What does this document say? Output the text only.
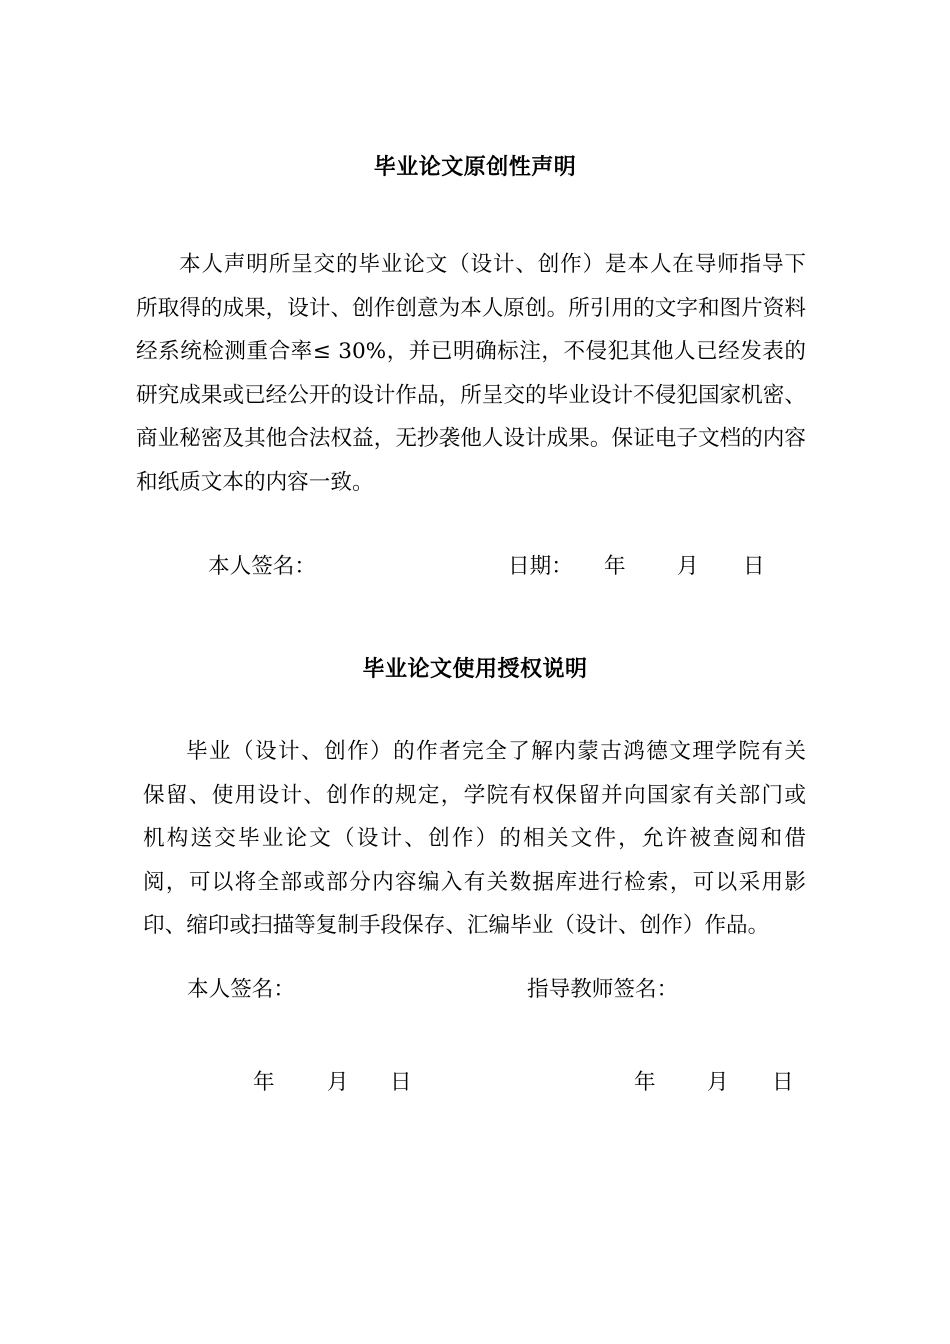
毕业论文原创性声明
本人声明所呈交的毕业论文（设计、创作）是本人在导师指导下
所取得的成果，设计、创作创意为本人原创。所引用的文字和图片资料
经系统检测重合率≤ 30%，并已明确标注，不侵犯其他人已经发表的
研究成果或已经公开的设计作品，所呈交的毕业设计不侵犯国家机密、
商业秘密及其他合法权益，无抄袭他人设计成果。保证电子文档的内容
和纸质文本的内容一致。
本人签名：	日期： 年 月 日
毕业论文使用授权说明
毕业（设计、创作）的作者完全了解内蒙古鸿德文理学院有关
保留、使用设计、创作的规定，学院有权保留并向国家有关部门或
机构送交毕业论文（设计、创作）的相关文件，允许被查阅和借
阅，可以将全部或部分内容编入有关数据库进行检索，可以采用影
印、缩印或扫描等复制手段保存、汇编毕业（设计、创作）作品。
本人签名：	指导教师签名：
年 月 日	年 月 日
